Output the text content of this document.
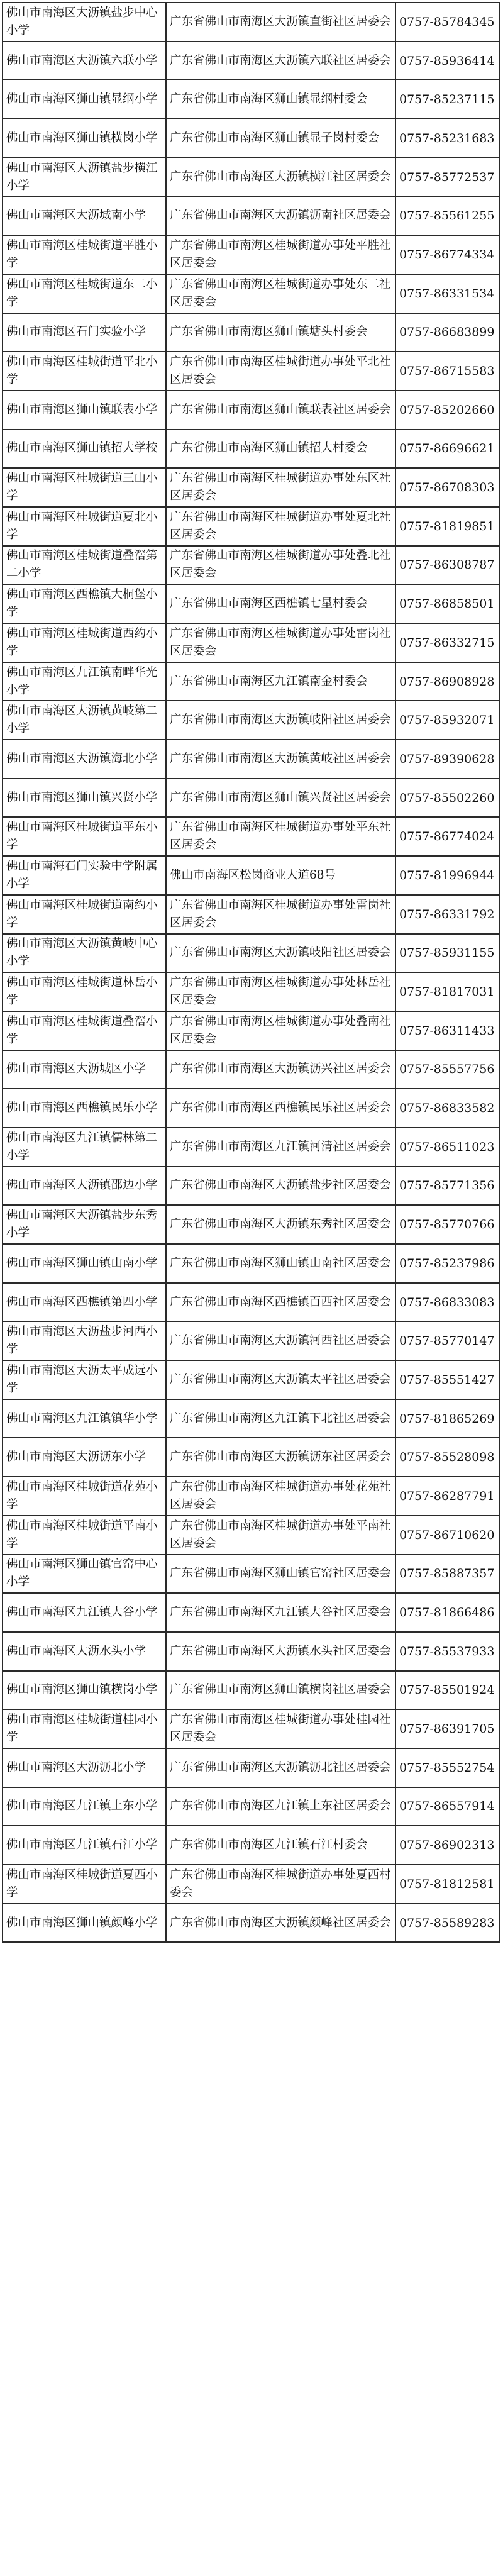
佛山市南海区大沥镇盐步中心小学	广东省佛山市南海区大沥镇直街社区居委会	0757-85784345
佛山市南海区大沥镇六联小学	广东省佛山市南海区大沥镇六联社区居委会	0757-85936414
佛山市南海区狮山镇显纲小学	广东省佛山市南海区狮山镇显纲村委会	0757-85237115
佛山市南海区狮山镇横岗小学	广东省佛山市南海区狮山镇显子岗村委会	0757-85231683
佛山市南海区大沥镇盐步横江小学	广东省佛山市南海区大沥镇横江社区居委会	0757-85772537
佛山市南海区大沥城南小学	广东省佛山市南海区大沥镇沥南社区居委会	0757-85561255
佛山市南海区桂城街道平胜小学	广东省佛山市南海区桂城街道办事处平胜社区居委会	0757-86774334
佛山市南海区桂城街道东二小学	广东省佛山市南海区桂城街道办事处东二社区居委会	0757-86331534
佛山市南海区石门实验小学	广东省佛山市南海区狮山镇塘头村委会	0757-86683899
佛山市南海区桂城街道平北小学	广东省佛山市南海区桂城街道办事处平北社区居委会	0757-86715583
佛山市南海区狮山镇联表小学	广东省佛山市南海区狮山镇联表社区居委会	0757-85202660
佛山市南海区狮山镇招大学校	广东省佛山市南海区狮山镇招大村委会	0757-86696621
佛山市南海区桂城街道三山小学	广东省佛山市南海区桂城街道办事处东区社区居委会	0757-86708303
佛山市南海区桂城街道夏北小学	广东省佛山市南海区桂城街道办事处夏北社区居委会	0757-81819851
佛山市南海区桂城街道叠滘第二小学	广东省佛山市南海区桂城街道办事处叠北社区居委会	0757-86308787
佛山市南海区西樵镇大桐堡小学	广东省佛山市南海区西樵镇七星村委会	0757-86858501
佛山市南海区桂城街道西约小学	广东省佛山市南海区桂城街道办事处雷岗社区居委会	0757-86332715
佛山市南海区九江镇南畔华光小学	广东省佛山市南海区九江镇南金村委会	0757-86908928
佛山市南海区大沥镇黄岐第二小学	广东省佛山市南海区大沥镇岐阳社区居委会	0757-85932071
佛山市南海区大沥镇海北小学	广东省佛山市南海区大沥镇黄岐社区居委会	0757-89390628
佛山市南海区狮山镇兴贤小学	广东省佛山市南海区狮山镇兴贤社区居委会	0757-85502260
佛山市南海区桂城街道平东小学	广东省佛山市南海区桂城街道办事处平东社区居委会	0757-86774024
佛山市南海石门实验中学附属小学	佛山市南海区松岗商业大道68号	0757-81996944
佛山市南海区桂城街道南约小学	广东省佛山市南海区桂城街道办事处雷岗社区居委会	0757-86331792
佛山市南海区大沥镇黄岐中心小学	广东省佛山市南海区大沥镇岐阳社区居委会	0757-85931155
佛山市南海区桂城街道林岳小学	广东省佛山市南海区桂城街道办事处林岳社区居委会	0757-81817031
佛山市南海区桂城街道叠滘小学	广东省佛山市南海区桂城街道办事处叠南社区居委会	0757-86311433
佛山市南海区大沥城区小学	广东省佛山市南海区大沥镇沥兴社区居委会	0757-85557756
佛山市南海区西樵镇民乐小学	广东省佛山市南海区西樵镇民乐社区居委会	0757-86833582
佛山市南海区九江镇儒林第二小学	广东省佛山市南海区九江镇河清社区居委会	0757-86511023
佛山市南海区大沥镇邵边小学	广东省佛山市南海区大沥镇盐步社区居委会	0757-85771356
佛山市南海区大沥镇盐步东秀小学	广东省佛山市南海区大沥镇东秀社区居委会	0757-85770766
佛山市南海区狮山镇山南小学	广东省佛山市南海区狮山镇山南社区居委会	0757-85237986
佛山市南海区西樵镇第四小学	广东省佛山市南海区西樵镇百西社区居委会	0757-86833083
佛山市南海区大沥盐步河西小学	广东省佛山市南海区大沥镇河西社区居委会	0757-85770147
佛山市南海区大沥太平成远小学	广东省佛山市南海区大沥镇太平社区居委会	0757-85551427
佛山市南海区九江镇镇华小学	广东省佛山市南海区九江镇下北社区居委会	0757-81865269
佛山市南海区大沥沥东小学	广东省佛山市南海区大沥镇沥东社区居委会	0757-85528098
佛山市南海区桂城街道花苑小学	广东省佛山市南海区桂城街道办事处花苑社区居委会	0757-86287791
佛山市南海区桂城街道平南小学	广东省佛山市南海区桂城街道办事处平南社区居委会	0757-86710620
佛山市南海区狮山镇官窑中心小学	广东省佛山市南海区狮山镇官窑社区居委会	0757-85887357
佛山市南海区九江镇大谷小学	广东省佛山市南海区九江镇大谷社区居委会	0757-81866486
佛山市南海区大沥水头小学	广东省佛山市南海区大沥镇水头社区居委会	0757-85537933
佛山市南海区狮山镇横岗小学	广东省佛山市南海区狮山镇横岗社区居委会	0757-85501924
佛山市南海区桂城街道桂园小学	广东省佛山市南海区桂城街道办事处桂园社区居委会	0757-86391705
佛山市南海区大沥沥北小学	广东省佛山市南海区大沥镇沥北社区居委会	0757-85552754
佛山市南海区九江镇上东小学	广东省佛山市南海区九江镇上东社区居委会	0757-86557914
佛山市南海区九江镇石江小学	广东省佛山市南海区九江镇石江村委会	0757-86902313
佛山市南海区桂城街道夏西小学	广东省佛山市南海区桂城街道办事处夏西村委会	0757-81812581
佛山市南海区狮山镇颜峰小学	广东省佛山市南海区大沥镇颜峰社区居委会	0757-85589283
